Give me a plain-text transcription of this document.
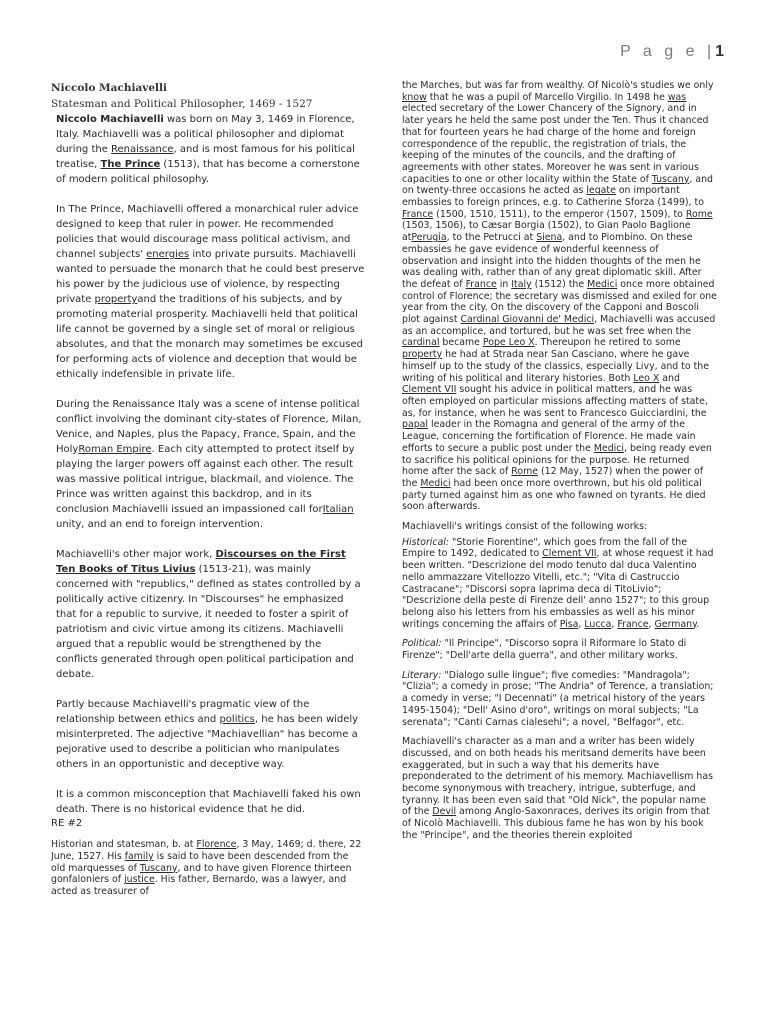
P a g e |1
Niccolo Machiavelli
Statesman and Political Philosopher, 1469 - 1527

Niccolo Machiavelli was born on May 3, 1469 in Florence, Italy. Machiavelli was a political philosopher and diplomat during the Renaissance, and is most famous for his political treatise, The Prince (1513), that has become a cornerstone of modern political philosophy.

In The Prince, Machiavelli offered a monarchical ruler advice designed to keep that ruler in power. He recommended policies that would discourage mass political activism, and channel subjects' energies into private pursuits. Machiavelli wanted to persuade the monarch that he could best preserve his power by the judicious use of violence, by respecting private propertyand the traditions of his subjects, and by promoting material prosperity. Machiavelli held that political life cannot be governed by a single set of moral or religious absolutes, and that the monarch may sometimes be excused for performing acts of violence and deception that would be ethically indefensible in private life.

During the Renaissance Italy was a scene of intense political conflict involving the dominant city-states of Florence, Milan, Venice, and Naples, plus the Papacy, France, Spain, and the HolyRoman Empire. Each city attempted to protect itself by playing the larger powers off against each other. The result was massive political intrigue, blackmail, and violence. The Prince was written against this backdrop, and in its conclusion Machiavelli issued an impassioned call forItalian unity, and an end to foreign intervention.

Machiavelli's other major work, Discourses on the First Ten Books of Titus Livius (1513-21), was mainly concerned with "republics," defined as states controlled by a politically active citizenry. In "Discourses" he emphasized that for a republic to survive, it needed to foster a spirit of patriotism and civic virtue among its citizens. Machiavelli argued that a republic would be strengthened by the conflicts generated through open political participation and debate.

Partly because Machiavelli's pragmatic view of the relationship between ethics and politics, he has been widely misinterpreted. The adjective "Machiavellian" has become a pejorative used to describe a politician who manipulates others in an opportunistic and deceptive way.

It is a common misconception that Machiavelli faked his own death. There is no historical evidence that he did.

RE #2

Historian and statesman, b. at Florence, 3 May, 1469; d. there, 22 June, 1527. His family is said to have been descended from the old marquesses of Tuscany, and to have given Florence thirteen gonfaloniers of justice. His father, Bernardo, was a lawyer, and acted as treasurer of

the Marches, but was far from wealthy. Of Nicolò's studies we only know that he was a pupil of Marcello Virgilio. In 1498 he was elected secretary of the Lower Chancery of the Signory, and in later years he held the same post under the Ten. Thus it chanced that for fourteen years he had charge of the home and foreign correspondence of the republic, the registration of trials, the keeping of the minutes of the councils, and the drafting of agreements with other states. Moreover he was sent in various capacities to one or other locality within the State of Tuscany, and on twenty-three occasions he acted as legate on important embassies to foreign princes, e.g. to Catherine Sforza (1499), to France (1500, 1510, 1511), to the emperor (1507, 1509), to Rome (1503, 1506), to Cæsar Borgia (1502), to Gian Paolo Baglione atPerugia, to the Petrucci at Siena, and to Piombino. On these embassies he gave evidence of wonderful keenness of observation and insight into the hidden thoughts of the men he was dealing with, rather than of any great diplomatic skill. After the defeat of France in Italy (1512) the Medici once more obtained control of Florence; the secretary was dismissed and exiled for one year from the city. On the discovery of the Capponi and Boscoli plot against Cardinal Giovanni de' Medici, Machiavelli was accused as an accomplice, and tortured, but he was set free when the cardinal became Pope Leo X. Thereupon he retired to some property he had at Strada near San Casciano, where he gave himself up to the study of the classics, especially Livy, and to the writing of his political and literary histories. Both Leo X and Clement VII sought his advice in political matters, and he was often employed on particular missions affecting matters of state, as, for instance, when he was sent to Francesco Guicciardini, the papal leader in the Romagna and general of the army of the League, concerning the fortification of Florence. He made vain efforts to secure a public post under the Medici, being ready even to sacrifice his political opinions for the purpose. He returned home after the sack of Rome (12 May, 1527) when the power of the Medici had been once more overthrown, but his old political party turned against him as one who fawned on tyrants. He died soon afterwards.

Machiavelli's writings consist of the following works:

Historical: "Storie Fiorentine", which goes from the fall of the Empire to 1492, dedicated to Clement VII, at whose request it had been written. "Descrizione del modo tenuto dal duca Valentino nello ammazzare Vitellozzo Vitelli, etc."; "Vita di Castruccio Castracane"; "Discorsi sopra laprima deca di TitoLivio"; "Descrizione della peste di Firenze dell' anno 1527"; to this group belong also his letters from his embassies as well as his minor writings concerning the affairs of Pisa, Lucca, France, Germany.

Political: "Il Principe", "Discorso sopra il Riformare lo Stato di Firenze"; "Dell'arte della guerra", and other military works.

Literary: "Dialogo sulle lingue"; five comedies: "Mandragola"; "Clizia"; a comedy in prose; "The Andria" of Terence, a translation; a comedy in verse; "I Decennati" (a metrical history of the years 1495-1504); "Dell' Asino d'oro", writings on moral subjects; "La serenata"; "Canti Carnas cialesehi"; a novel, "Belfagor", etc.

Machiavelli's character as a man and a writer has been widely discussed, and on both heads his meritsand demerits have been exaggerated, but in such a way that his demerits have preponderated to the detriment of his memory. Machiavellism has become synonymous with treachery, intrigue, subterfuge, and tyranny. It has been even said that "Old Nick", the popular name of the Devil among Anglo-Saxonraces, derives its origin from that of Nicolò Machiavelli. This dubious fame he has won by his book the "Principe", and the theories therein exploited
